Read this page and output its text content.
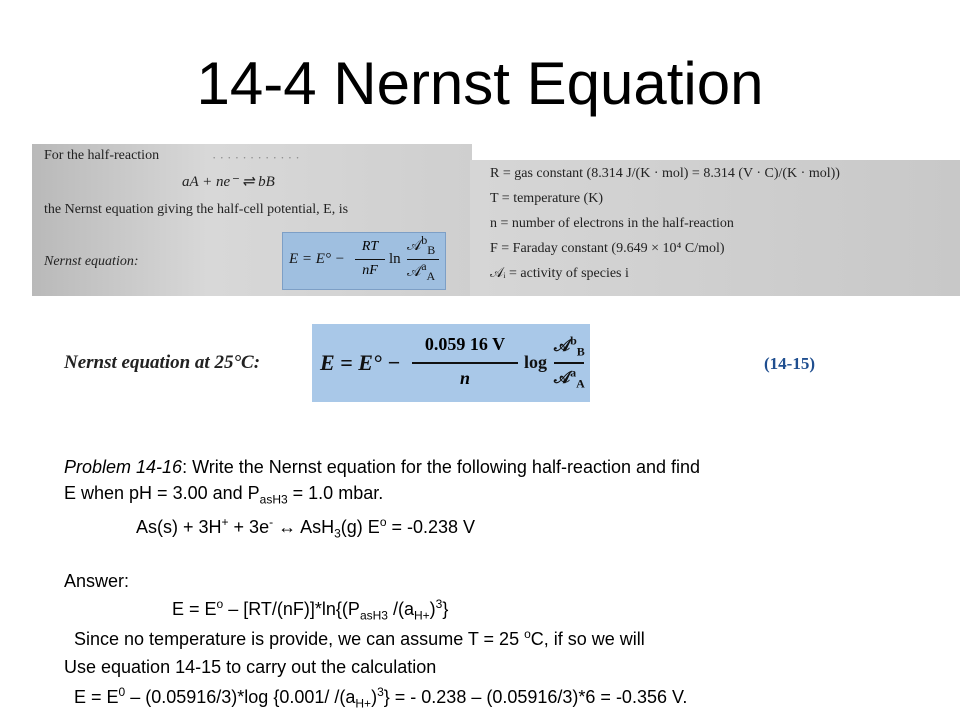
14-4 Nernst Equation
· · · · · · · · · · · ·
For the half-reaction
aA + ne⁻ ⇌ bB
the Nernst equation giving the half-cell potential, E, is
Nernst equation:	E = E° −
RT
nF
ln
𝒜$^b_B$
𝒜$^a_A$
R = gas constant (8.314 J/(K · mol) = 8.314 (V · C)/(K · mol))
T = temperature (K)
n = number of electrons in the half-reaction
F = Faraday constant (9.649 × 10⁴ C/mol)
𝒜ᵢ = activity of species i
Nernst equation at 25°C:	E = E° −
0.059 16 V
n
log
𝒜$^b_B$
𝒜$^a_A$
(14-15)
Problem 14-16: Write the Nernst equation for the following half-reaction and find
E when pH = 3.00 and $P_{asH3} = 1.0$ mbar.
As(s) + 3H+ + 3e- ↔ AsH$_3$(g) $E^o = -0.238$ V
Answer:
$E = E^o - [RT/(nF)]*\ln\{(P_{asH3}$ $/(a_{H+})^3$}
Since no temperature is provide, we can assume T = 25 $^o$C, if so we will
Use equation 14-15 to carry out the calculation
$E = E^0 - (0.05916/3)*\log$ {0.001/ $/(a_{H+})^3$} = - 0.238 – (0.05916/3)*6 = -0.356 V.
